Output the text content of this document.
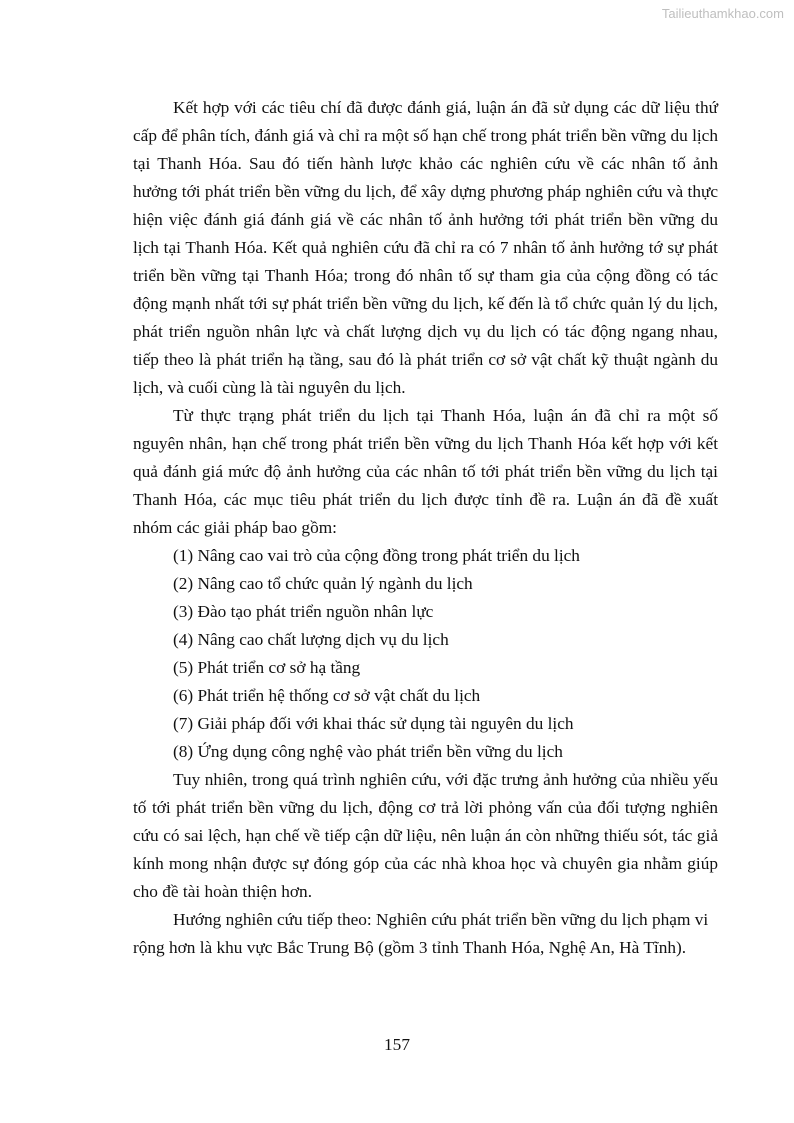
Tailieuthamkhao.com

Kết hợp với các tiêu chí đã được đánh giá, luận án đã sử dụng các dữ liệu thứ cấp để phân tích, đánh giá và chỉ ra một số hạn chế trong phát triển bền vững du lịch tại Thanh Hóa. Sau đó tiến hành lược khảo các nghiên cứu về các nhân tố ảnh hưởng tới phát triển bền vững du lịch, để xây dựng phương pháp nghiên cứu và thực hiện việc đánh giá đánh giá về các nhân tố ảnh hưởng tới phát triển bền vững du lịch tại Thanh Hóa. Kết quả nghiên cứu đã chỉ ra có 7 nhân tố ảnh hưởng tớ sự phát triển bền vững tại Thanh Hóa; trong đó nhân tố sự tham gia của cộng đồng có tác động mạnh nhất tới sự phát triển bền vững du lịch, kế đến là tổ chức quản lý du lịch, phát triển nguồn nhân lực và chất lượng dịch vụ du lịch có tác động ngang nhau, tiếp theo là phát triển hạ tầng, sau đó là phát triển cơ sở vật chất kỹ thuật ngành du lịch, và cuối cùng là tài nguyên du lịch.

Từ thực trạng phát triển du lịch tại Thanh Hóa, luận án đã chỉ ra một số nguyên nhân, hạn chế trong phát triển bền vững du lịch Thanh Hóa kết hợp với kết quả đánh giá mức độ ảnh hưởng của các nhân tố tới phát triển bền vững du lịch tại Thanh Hóa, các mục tiêu phát triển du lịch được tỉnh đề ra. Luận án đã đề xuất nhóm các giải pháp bao gồm:

(1) Nâng cao vai trò của cộng đồng trong phát triển du lịch
(2) Nâng cao tổ chức quản lý ngành du lịch
(3) Đào tạo phát triển nguồn nhân lực
(4) Nâng cao chất lượng dịch vụ du lịch
(5) Phát triển cơ sở hạ tầng
(6) Phát triển hệ thống cơ sở vật chất du lịch
(7) Giải pháp đối với khai thác sử dụng tài nguyên du lịch
(8) Ứng dụng công nghệ vào phát triển bền vững du lịch

Tuy nhiên, trong quá trình nghiên cứu, với đặc trưng ảnh hưởng của nhiều yếu tố tới phát triển bền vững du lịch, động cơ trả lời phỏng vấn của đối tượng nghiên cứu có sai lệch, hạn chế về tiếp cận dữ liệu, nên luận án còn những thiếu sót, tác giả kính mong nhận được sự đóng góp của các nhà khoa học và chuyên gia nhằm giúp cho đề tài hoàn thiện hơn.

Hướng nghiên cứu tiếp theo: Nghiên cứu phát triển bền vững du lịch phạm vi rộng hơn là khu vực Bắc Trung Bộ (gồm 3 tỉnh Thanh Hóa, Nghệ An, Hà Tĩnh).

157
